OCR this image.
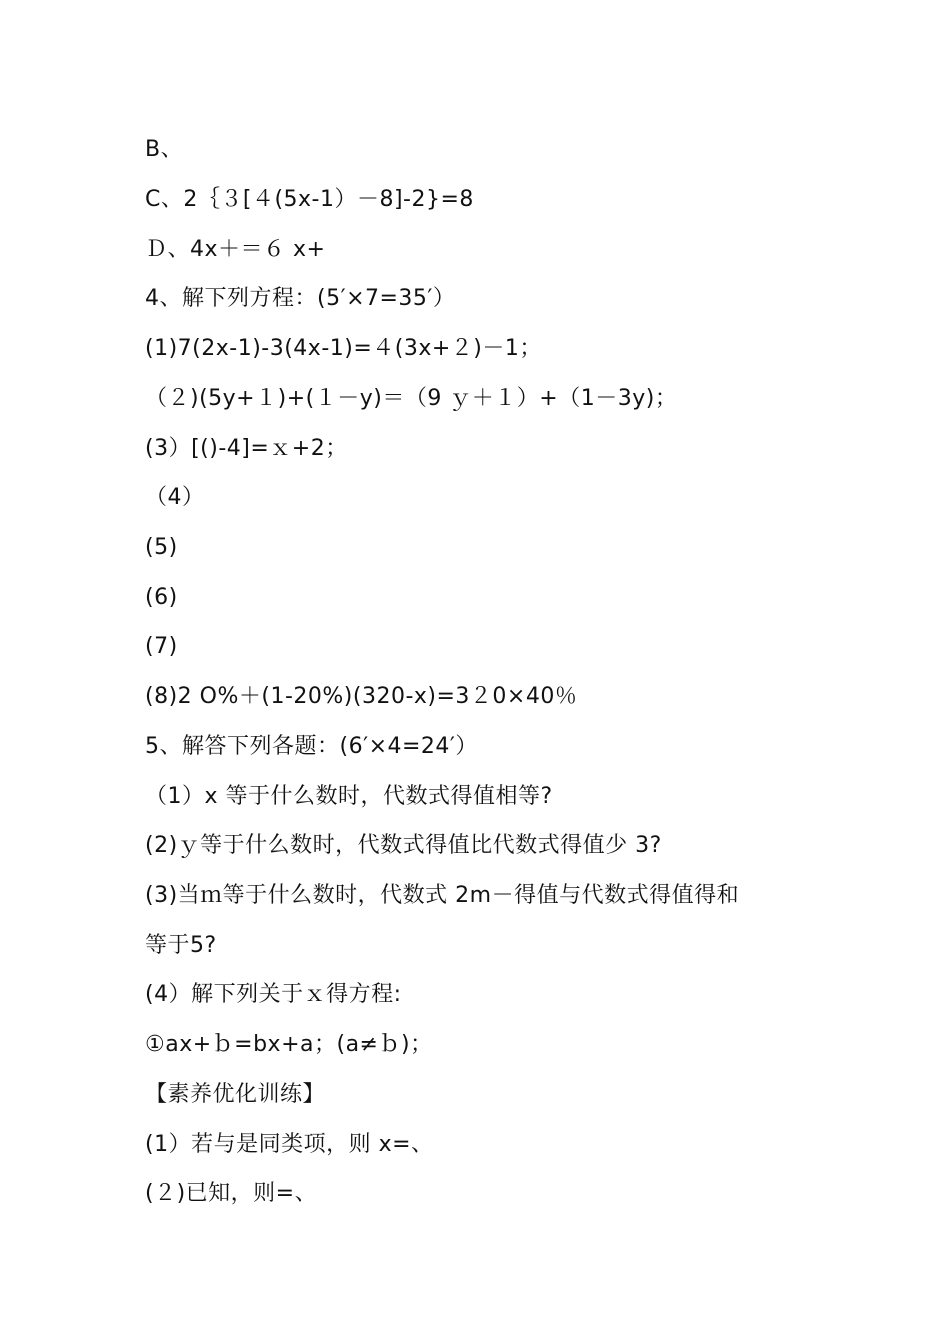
B、
C、2｛３[４(5x-1）－8]-2}=8
Ｄ、4x＋＝６ x+
4、解下列方程：(5′×7=35′）
(1)7(2x-1)-3(4x-1)=４(3x+２)－1；
（２)(5y+１)+(１－y)＝（9 ｙ＋１）+（1－3y)；
(3）[()-4]=ｘ+2；
（4）
(5)
(6)
(7)
(8)2 O%＋(1-20%)(320-x)=3２0×40％
5、解答下列各题：(6′×4=24′）
（1）x 等于什么数时，代数式得值相等?
(2)ｙ等于什么数时，代数式得值比代数式得值少 3?
(3)当ｍ等于什么数时，代数式 2m－得值与代数式得值得和
等于5?
(4）解下列关于ｘ得方程:
①ax+ｂ=bx+a；(a≠ｂ)；
【素养优化训练】
(1）若与是同类项，则 x=、
(２)已知，则=、
